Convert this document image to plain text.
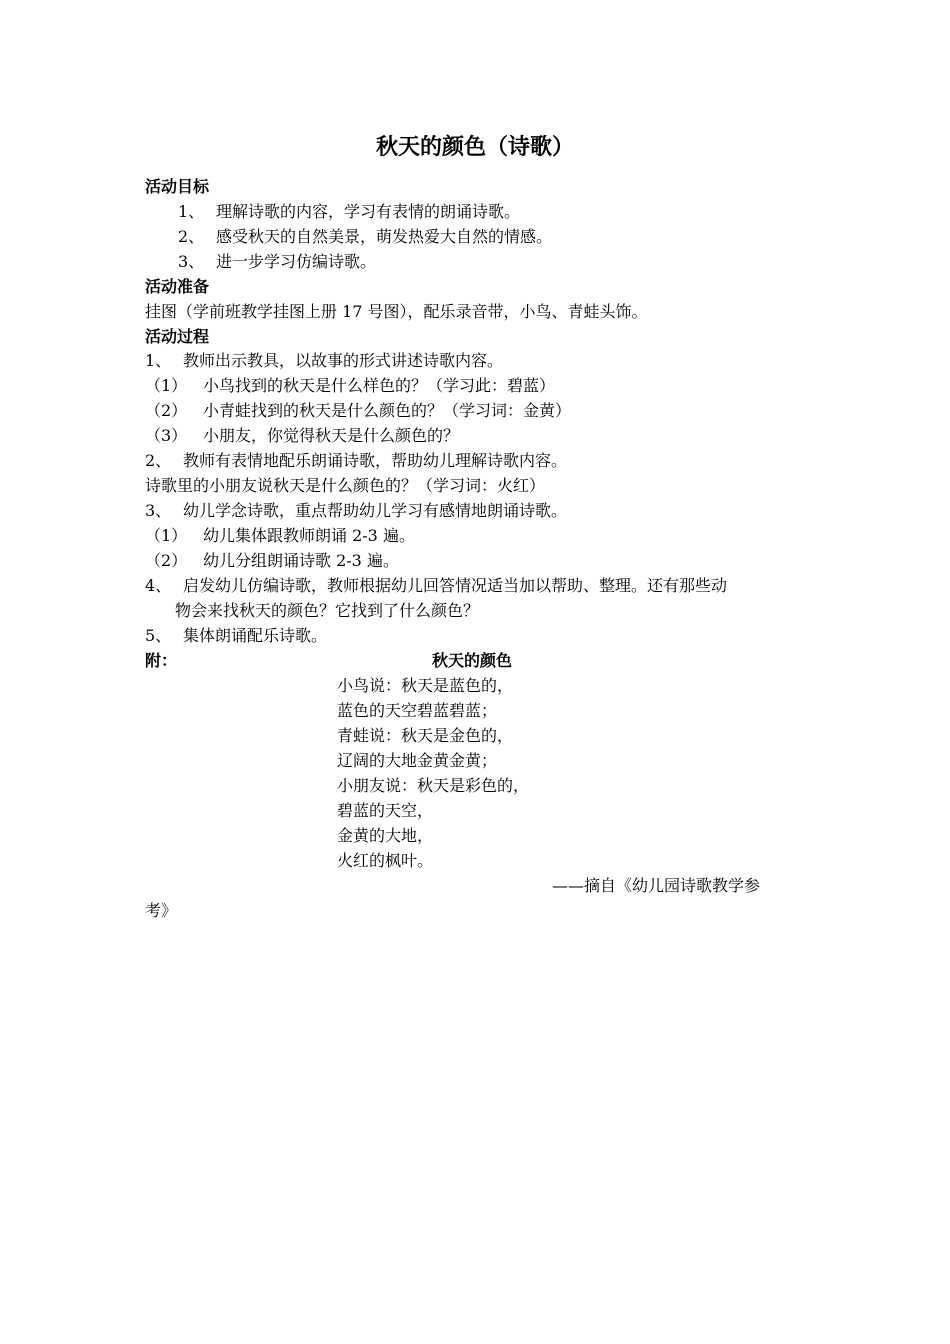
秋天的颜色（诗歌）
活动目标
1、 理解诗歌的内容，学习有表情的朗诵诗歌。
2、 感受秋天的自然美景，萌发热爱大自然的情感。
3、 进一步学习仿编诗歌。
活动准备
挂图（学前班教学挂图上册 17 号图），配乐录音带，小鸟、青蛙头饰。
活动过程
1、 教师出示教具，以故事的形式讲述诗歌内容。
（1） 小鸟找到的秋天是什么样色的？（学习此：碧蓝）
（2） 小青蛙找到的秋天是什么颜色的？（学习词：金黄）
（3） 小朋友，你觉得秋天是什么颜色的？
2、 教师有表情地配乐朗诵诗歌，帮助幼儿理解诗歌内容。
诗歌里的小朋友说秋天是什么颜色的？（学习词：火红）
3、 幼儿学念诗歌，重点帮助幼儿学习有感情地朗诵诗歌。
（1） 幼儿集体跟教师朗诵 2-3 遍。
（2） 幼儿分组朗诵诗歌 2-3 遍。
4、 启发幼儿仿编诗歌，教师根据幼儿回答情况适当加以帮助、整理。还有那些动
物会来找秋天的颜色？它找到了什么颜色？
5、 集体朗诵配乐诗歌。
附：	秋天的颜色
小鸟说：秋天是蓝色的，
蓝色的天空碧蓝碧蓝；
青蛙说：秋天是金色的，
辽阔的大地金黄金黄；
小朋友说：秋天是彩色的，
碧蓝的天空，
金黄的大地，
火红的枫叶。
——摘自《幼儿园诗歌教学参
考》
